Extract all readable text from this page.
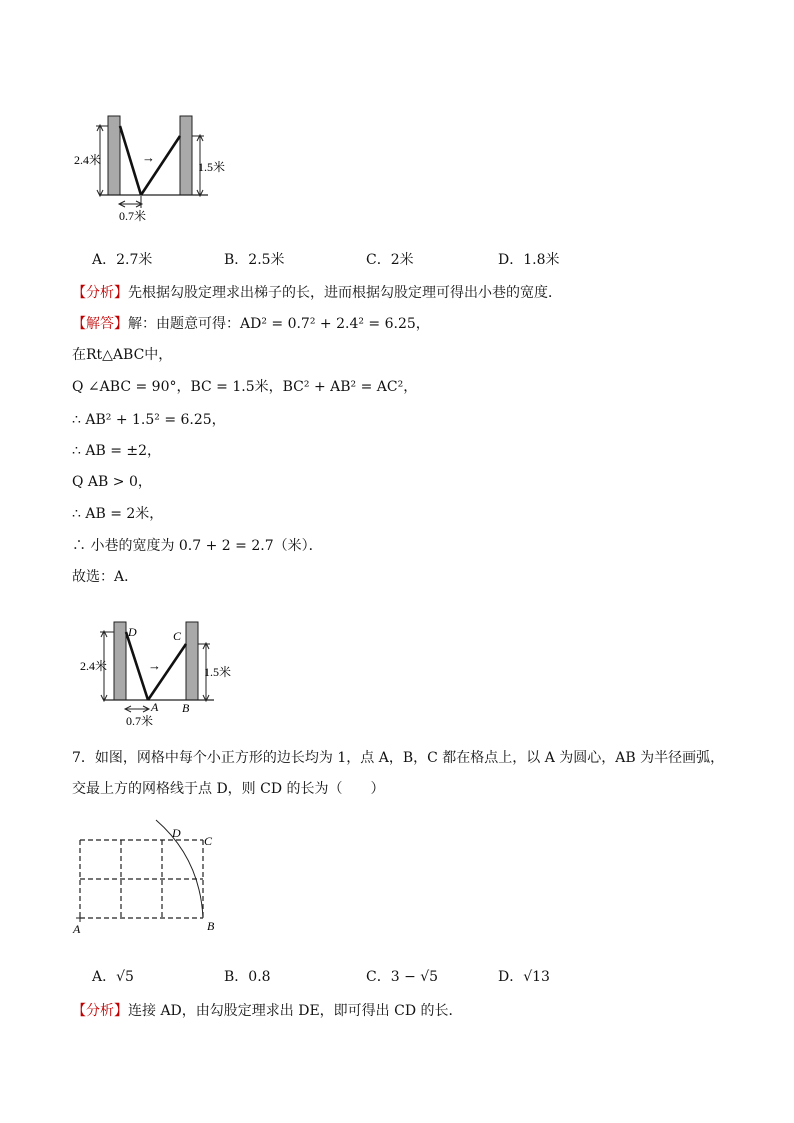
→
2.4米	1.5米
0.7米
A．2.7米	B．2.5米	C．2米	D．1.8米
【分析】先根据勾股定理求出梯子的长，进而根据勾股定理可得出小巷的宽度．
【解答】解：由题意可得：AD² = 0.7² + 2.4² = 6.25，
在Rt△ABC中，
Q ∠ABC = 90°，BC = 1.5米，BC² + AB² = AC²，
∴ AB² + 1.5² = 6.25，
∴ AB = ±2，
Q AB > 0，
∴ AB = 2米，
∴ 小巷的宽度为 0.7 + 2 = 2.7（米）．
故选：A．
→
D	C
A B
2.4米	1.5米
0.7米
7．如图，网格中每个小正方形的边长均为 1，点 A，B，C 都在格点上，以 A 为圆心，AB 为半径画弧，
交最上方的网格线于点 D，则 CD 的长为（　　）
D
C
A	B
A．√5	B．0.8	C．3 − √5	D．√13
【分析】连接 AD，由勾股定理求出 DE，即可得出 CD 的长．
